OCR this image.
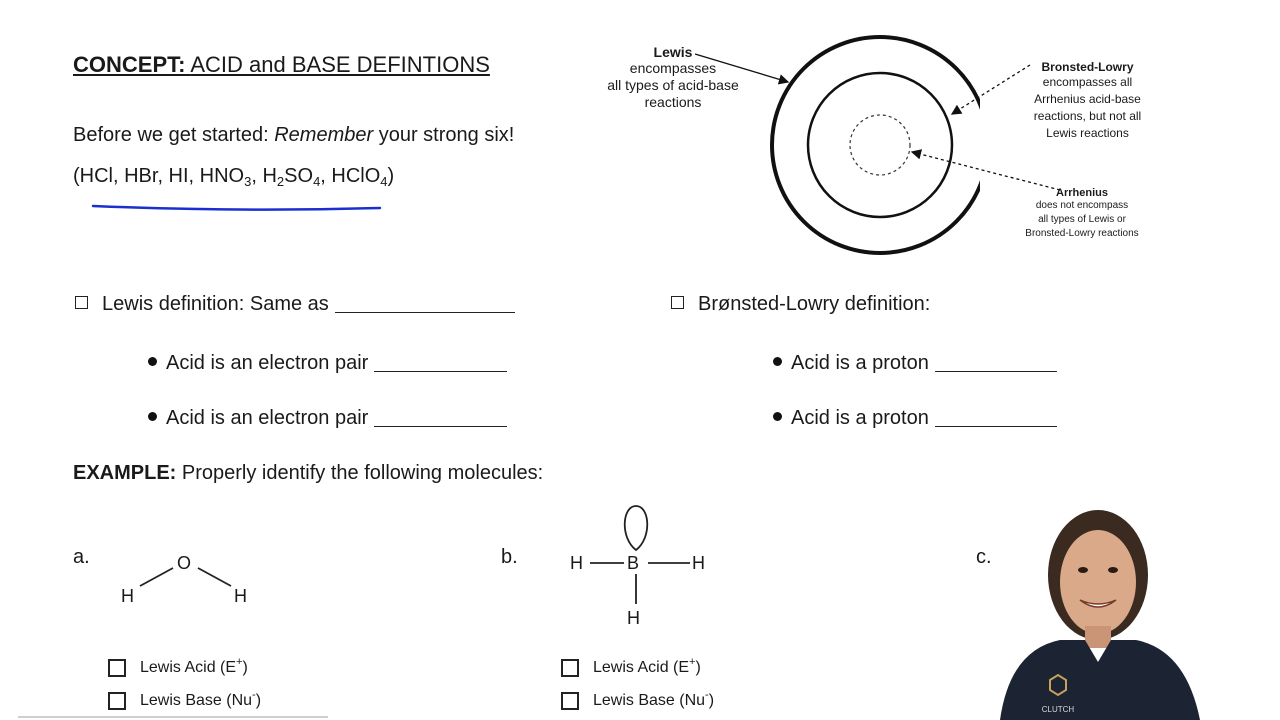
CONCEPT: ACID and BASE DEFINTIONS
Before we get started: Remember your strong six!
(HCl, HBr, HI, $HNO_3$, $H_2SO_4$, HClO$_4$)
Lewis
encompasses
all types of acid-base
reactions
Bronsted-Lowry
encompasses all
Arrhenius acid-base
reactions, but not all
Lewis reactions
Arrhenius
does not encompass
all types of Lewis or
Bronsted-Lowry reactions
Lewis definition: Same as
Acid is an electron pair
Acid is an electron pair
Brønsted-Lowry definition:
Acid is a proton
Acid is a proton
EXAMPLE: Properly identify the following molecules:
a.	O
H	H
b.	H B	H
H
c.
Lewis Acid (E+)
Lewis Base (Nu-)
Lewis Acid (E+)
Lewis Base (Nu-)
CLUTCH
